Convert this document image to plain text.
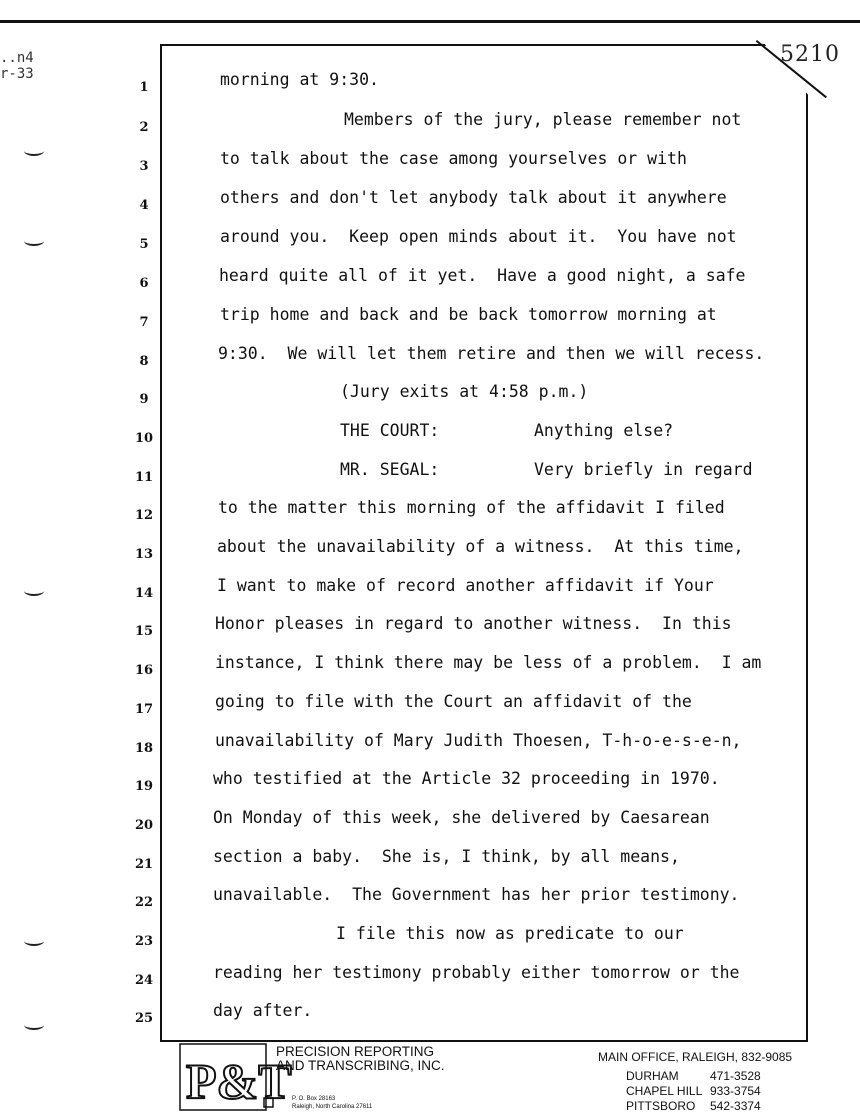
5210
..n4
r-33
1	morning at 9:30.
2	Members of the jury, please remember not
3	to talk about the case among yourselves or with
4	others and don't let anybody talk about it anywhere
5	around you.  Keep open minds about it.  You have not
6	heard quite all of it yet.  Have a good night, a safe
7	trip home and back and be back tomorrow morning at
8	9:30.  We will let them retire and then we will recess.
9	(Jury exits at 4:58 p.m.)
10	THE COURT:	Anything else?
11	MR. SEGAL:	Very briefly in regard
12	to the matter this morning of the affidavit I filed
13	about the unavailability of a witness.  At this time,
14	I want to make of record another affidavit if Your
15	Honor pleases in regard to another witness.  In this
16	instance, I think there may be less of a problem.  I am
17	going to file with the Court an affidavit of the
18	unavailability of Mary Judith Thoesen, T-h-o-e-s-e-n,
19	who testified at the Article 32 proceeding in 1970.
20	On Monday of this week, she delivered by Caesarean
21	section a baby.  She is, I think, by all means,
22	unavailable.  The Government has her prior testimony.
23	I file this now as predicate to our
24	reading her testimony probably either tomorrow or the
25	day after.
P&T
PRECISION REPORTING
AND TRANSCRIBING, INC.
P. O. Box 28163
Raleigh, North Carolina 27611
MAIN OFFICE, RALEIGH, 832-9085
DURHAM	471-3528
CHAPEL HILL 933-3754
PITTSBORO 542-3374
